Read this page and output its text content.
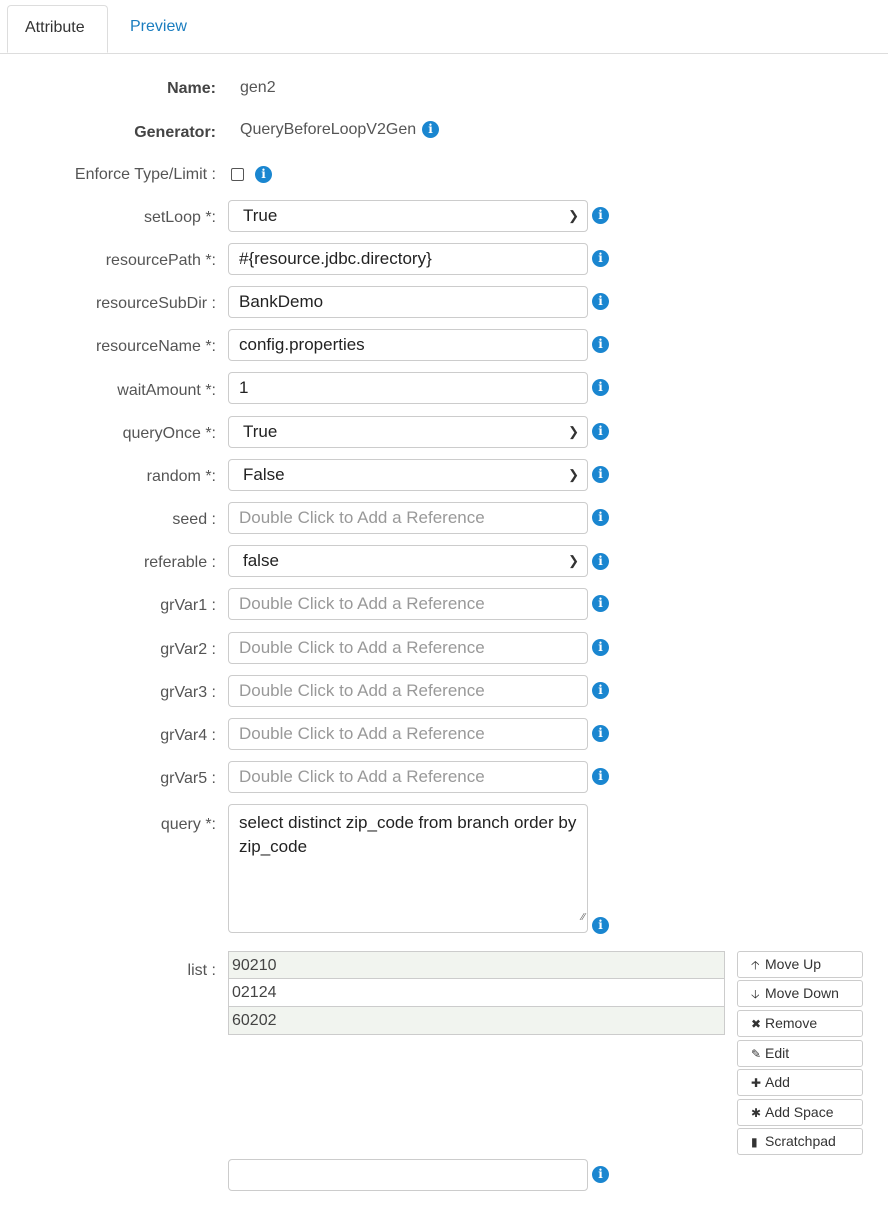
Attribute	Preview
Name: gen2
Generator: QueryBeforeLoopV2Gen	i
Enforce Type/Limit :	i
setLoop *:	True	❯	i
resourcePath *:	#{resource.jdbc.directory}	i
resourceSubDir :	BankDemo	i
resourceName *:	config.properties	i
waitAmount *:	1	i
queryOnce *:	True	❯	i
random *:	False	❯	i
seed :	Double Click to Add a Reference	i
referable :	false	❯	i
grVar1 :	Double Click to Add a Reference	i
grVar2 :	Double Click to Add a Reference	i
grVar3 :	Double Click to Add a Reference	i
grVar4 :	Double Click to Add a Reference	i
grVar5 :	Double Click to Add a Reference	i
query *:	select distinct zip_code from branch order by zip_code
∕∕
i
list : 90210
02124
60202
🡡 Move Up
🡣 Move Down
✖ Remove
✎ Edit
✚ Add
✱ Add Space
▮ Scratchpad
i
